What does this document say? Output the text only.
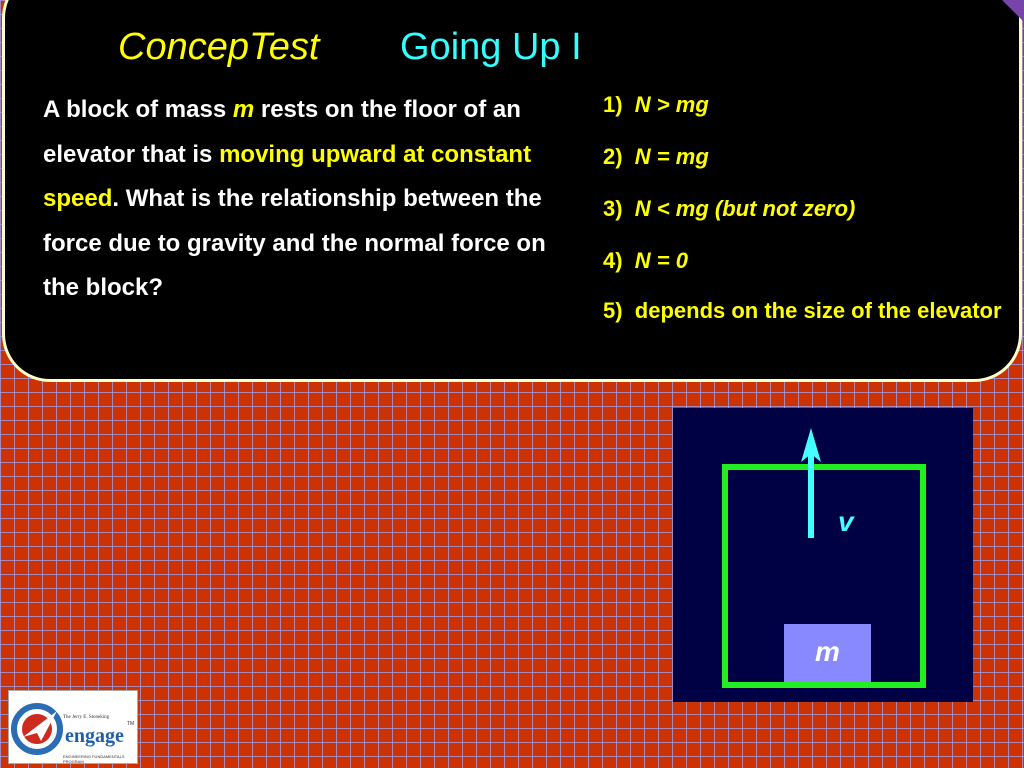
ConcepTest Going Up I
A block of mass m rests on the floor of an elevator that is moving upward at constant speed. What is the relationship between the force due to gravity and the normal force on the block?
1) N > mg
2) N = mg
3) N < mg (but not zero)
4) N = 0
5) depends on the size of the elevator
m
v
The Jerry E. Stoneking
engage
TM
ENGINEERING FUNDAMENTALS PROGRAM
